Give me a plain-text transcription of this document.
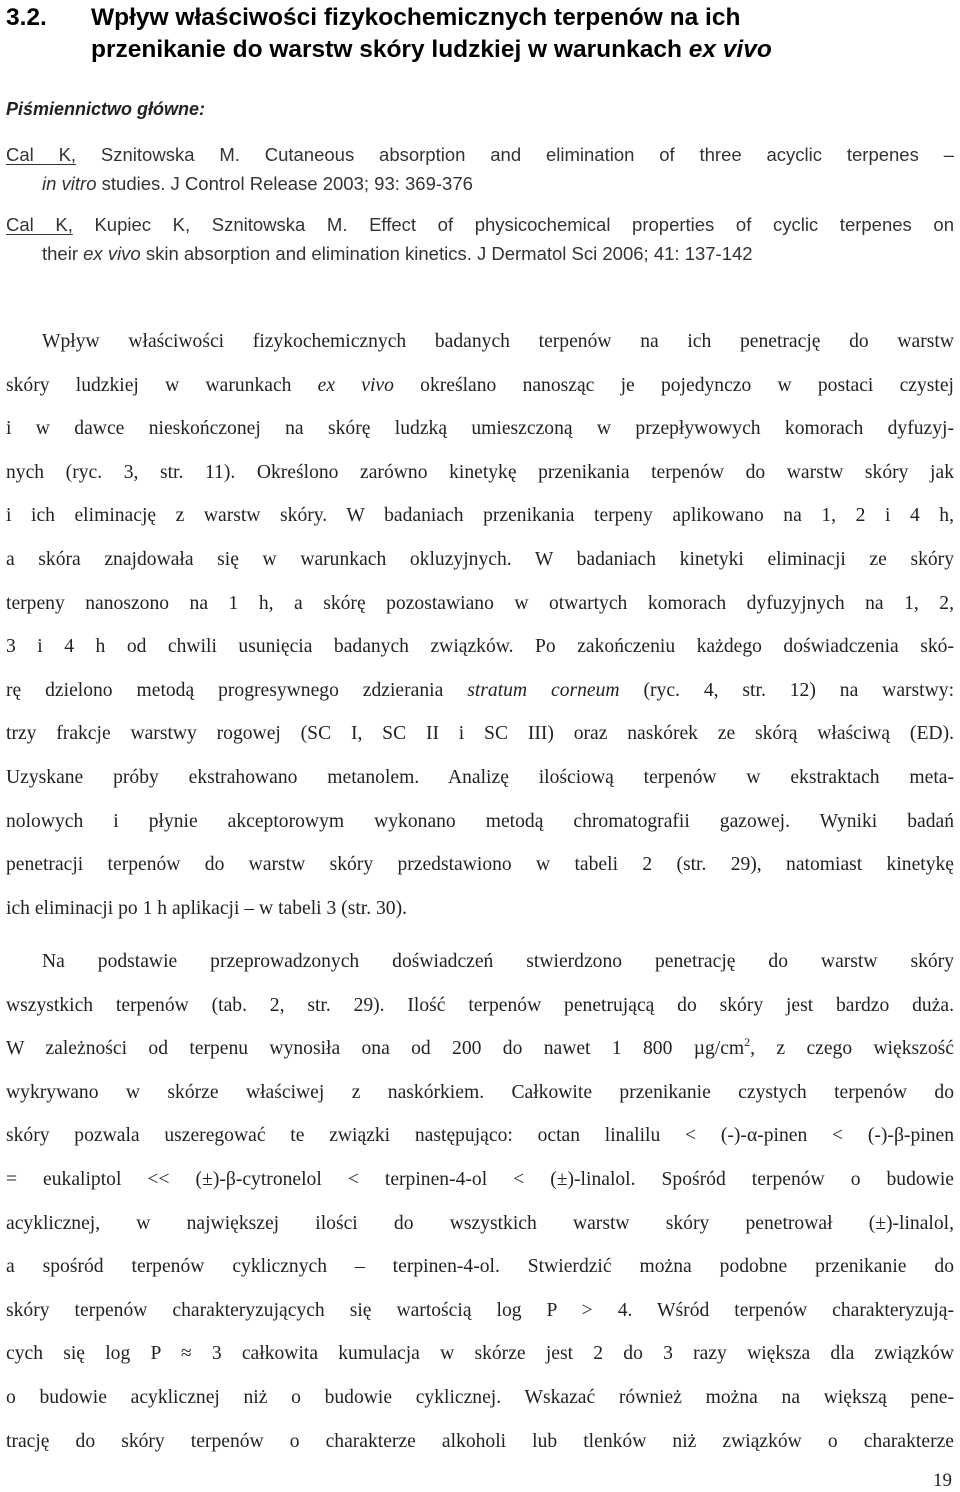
3.2. Wpływ właściwości fizykochemicznych terpenów na ich
przenikanie do warstw skóry ludzkiej w warunkach ex vivo
Piśmiennictwo główne:
Cal K, Sznitowska M. Cutaneous absorption and elimination of three acyclic terpenes –
in vitro studies. J Control Release 2003; 93: 369-376
Cal K, Kupiec K, Sznitowska M. Effect of physicochemical properties of cyclic terpenes on
their ex vivo skin absorption and elimination kinetics. J Dermatol Sci 2006; 41: 137-142
Wpływ właściwości fizykochemicznych badanych terpenów na ich penetrację do warstw
skóry ludzkiej w warunkach ex vivo określano nanosząc je pojedynczo w postaci czystej
i w dawce nieskończonej na skórę ludzką umieszczoną w przepływowych komorach dyfuzyj-
nych (ryc. 3, str. 11). Określono zarówno kinetykę przenikania terpenów do warstw skóry jak
i ich eliminację z warstw skóry. W badaniach przenikania terpeny aplikowano na 1, 2 i 4 h,
a skóra znajdowała się w warunkach okluzyjnych. W badaniach kinetyki eliminacji ze skóry
terpeny nanoszono na 1 h, a skórę pozostawiano w otwartych komorach dyfuzyjnych na 1, 2,
3 i 4 h od chwili usunięcia badanych związków. Po zakończeniu każdego doświadczenia skó-
rę dzielono metodą progresywnego zdzierania stratum corneum (ryc. 4, str. 12) na warstwy:
trzy frakcje warstwy rogowej (SC I, SC II i SC III) oraz naskórek ze skórą właściwą (ED).
Uzyskane próby ekstrahowano metanolem. Analizę ilościową terpenów w ekstraktach meta-
nolowych i płynie akceptorowym wykonano metodą chromatografii gazowej. Wyniki badań
penetracji terpenów do warstw skóry przedstawiono w tabeli 2 (str. 29), natomiast kinetykę
ich eliminacji po 1 h aplikacji – w tabeli 3 (str. 30).
Na podstawie przeprowadzonych doświadczeń stwierdzono penetrację do warstw skóry
wszystkich terpenów (tab. 2, str. 29). Ilość terpenów penetrującą do skóry jest bardzo duża.
W zależności od terpenu wynosiła ona od 200 do nawet 1 800 $\mu g/cm^2$, z czego większość
wykrywano w skórze właściwej z naskórkiem. Całkowite przenikanie czystych terpenów do
skóry pozwala uszeregować te związki następująco: octan linalilu < (-)-α-pinen < (-)-β-pinen
= eukaliptol << (±)-β-cytronelol < terpinen-4-ol < (±)-linalol. Spośród terpenów o budowie
acyklicznej, w największej ilości do wszystkich warstw skóry penetrował (±)-linalol,
a spośród terpenów cyklicznych – terpinen-4-ol. Stwierdzić można podobne przenikanie do
skóry terpenów charakteryzujących się wartością log P > 4. Wśród terpenów charakteryzują-
cych się log P ≈ 3 całkowita kumulacja w skórze jest 2 do 3 razy większa dla związków
o budowie acyklicznej niż o budowie cyklicznej. Wskazać również można na większą pene-
trację do skóry terpenów o charakterze alkoholi lub tlenków niż związków o charakterze
19
